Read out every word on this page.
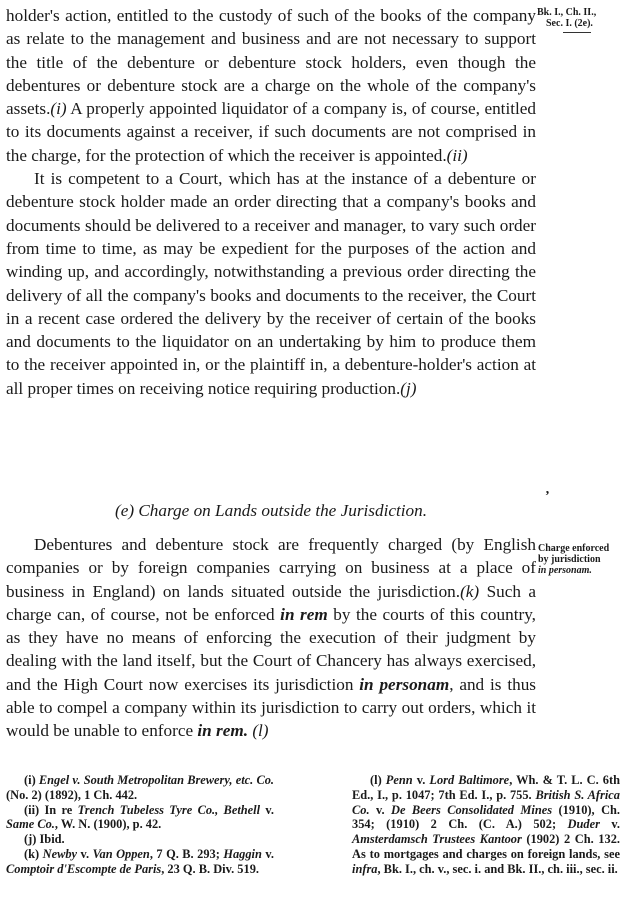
Bk. I., Ch. II.,
Sec. I. (2e).

holder's action, entitled to the custody of such of the books of the company as relate to the management and business and are not necessary to support the title of the debenture or debenture stock holders, even though the debentures or debenture stock are a charge on the whole of the company's assets.(i) A properly appointed liquidator of a company is, of course, entitled to its documents against a receiver, if such documents are not comprised in the charge, for the protection of which the receiver is appointed.(ii)

It is competent to a Court, which has at the instance of a debenture or debenture stock holder made an order directing that a company's books and documents should be delivered to a receiver and manager, to vary such order from time to time, as may be expedient for the purposes of the action and winding up, and accordingly, notwithstanding a previous order directing the delivery of all the company's books and documents to the receiver, the Court in a recent case ordered the delivery by the receiver of certain of the books and documents to the liquidator on an undertaking by him to produce them to the receiver appointed in, or the plaintiff in, a debenture-holder's action at all proper times on receiving notice requiring production.(j)

ʼ
(e) Charge on Lands outside the Jurisdiction.
Charge enforced
by jurisdiction
in personam.

Debentures and debenture stock are frequently charged (by English companies or by foreign companies carrying on business at a place of business in England) on lands situated outside the jurisdiction.(k) Such a charge can, of course, not be enforced in rem by the courts of this country, as they have no means of enforcing the execution of their judgment by dealing with the land itself, but the Court of Chancery has always exercised, and the High Court now exercises its jurisdiction in personam, and is thus able to compel a company within its jurisdiction to carry out orders, which it would be unable to enforce in rem. (l)

(i) Engel v. South Metropolitan Brewery, etc. Co. (No. 2) (1892), 1 Ch. 442.

(ii) In re Trench Tubeless Tyre Co., Bethell v. Same Co., W. N. (1900), p. 42.

(j) Ibid.

(k) Newby v. Van Oppen, 7 Q. B. 293; Haggin v. Comptoir d'Escompte de Paris, 23 Q. B. Div. 519.

(l) Penn v. Lord Baltimore, Wh. & T. L. C. 6th Ed., I., p. 1047; 7th Ed. I., p. 755. British S. Africa Co. v. De Beers Consolidated Mines (1910), Ch. 354; (1910) 2 Ch. (C. A.) 502; Duder v. Amsterdamsch Trustees Kantoor (1902) 2 Ch. 132. As to mortgages and charges on foreign lands, see infra, Bk. I., ch. v., sec. i. and Bk. II., ch. iii., sec. ii.
